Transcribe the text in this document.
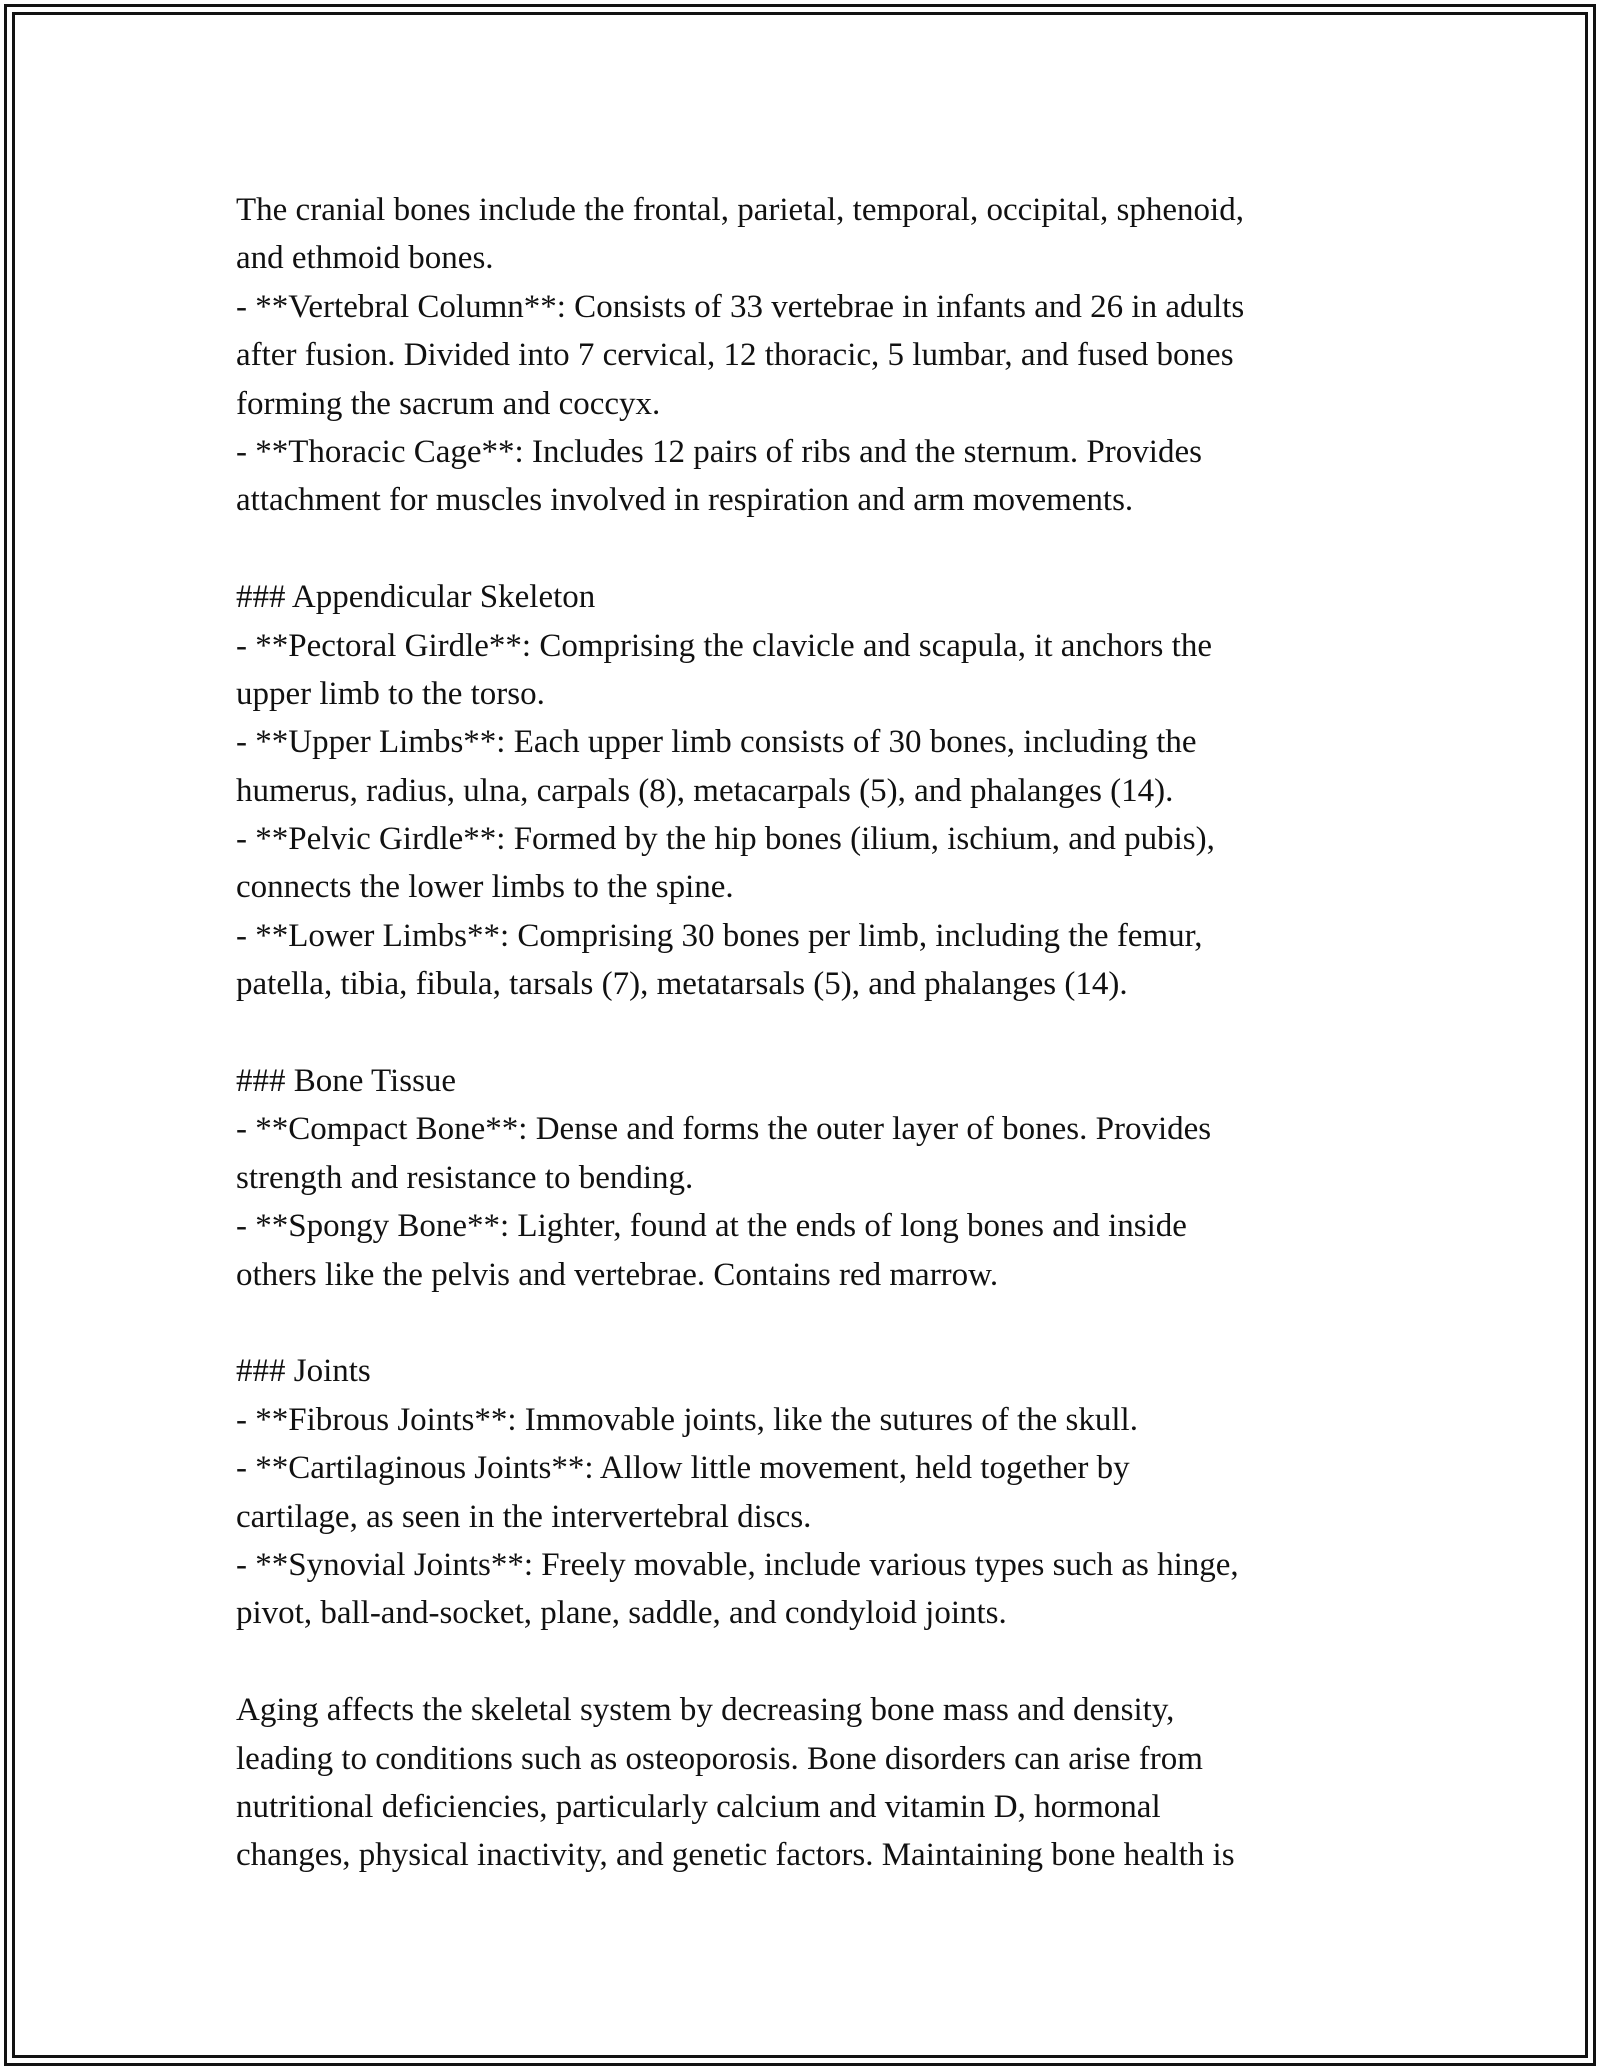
The cranial bones include the frontal, parietal, temporal, occipital, sphenoid,
and ethmoid bones.
- **Vertebral Column**: Consists of 33 vertebrae in infants and 26 in adults
after fusion. Divided into 7 cervical, 12 thoracic, 5 lumbar, and fused bones
forming the sacrum and coccyx.
- **Thoracic Cage**: Includes 12 pairs of ribs and the sternum. Provides
attachment for muscles involved in respiration and arm movements.
### Appendicular Skeleton
- **Pectoral Girdle**: Comprising the clavicle and scapula, it anchors the
upper limb to the torso.
- **Upper Limbs**: Each upper limb consists of 30 bones, including the
humerus, radius, ulna, carpals (8), metacarpals (5), and phalanges (14).
- **Pelvic Girdle**: Formed by the hip bones (ilium, ischium, and pubis),
connects the lower limbs to the spine.
- **Lower Limbs**: Comprising 30 bones per limb, including the femur,
patella, tibia, fibula, tarsals (7), metatarsals (5), and phalanges (14).
### Bone Tissue
- **Compact Bone**: Dense and forms the outer layer of bones. Provides
strength and resistance to bending.
- **Spongy Bone**: Lighter, found at the ends of long bones and inside
others like the pelvis and vertebrae. Contains red marrow.
### Joints
- **Fibrous Joints**: Immovable joints, like the sutures of the skull.
- **Cartilaginous Joints**: Allow little movement, held together by
cartilage, as seen in the intervertebral discs.
- **Synovial Joints**: Freely movable, include various types such as hinge,
pivot, ball-and-socket, plane, saddle, and condyloid joints.
Aging affects the skeletal system by decreasing bone mass and density,
leading to conditions such as osteoporosis. Bone disorders can arise from
nutritional deficiencies, particularly calcium and vitamin D, hormonal
changes, physical inactivity, and genetic factors. Maintaining bone health is
